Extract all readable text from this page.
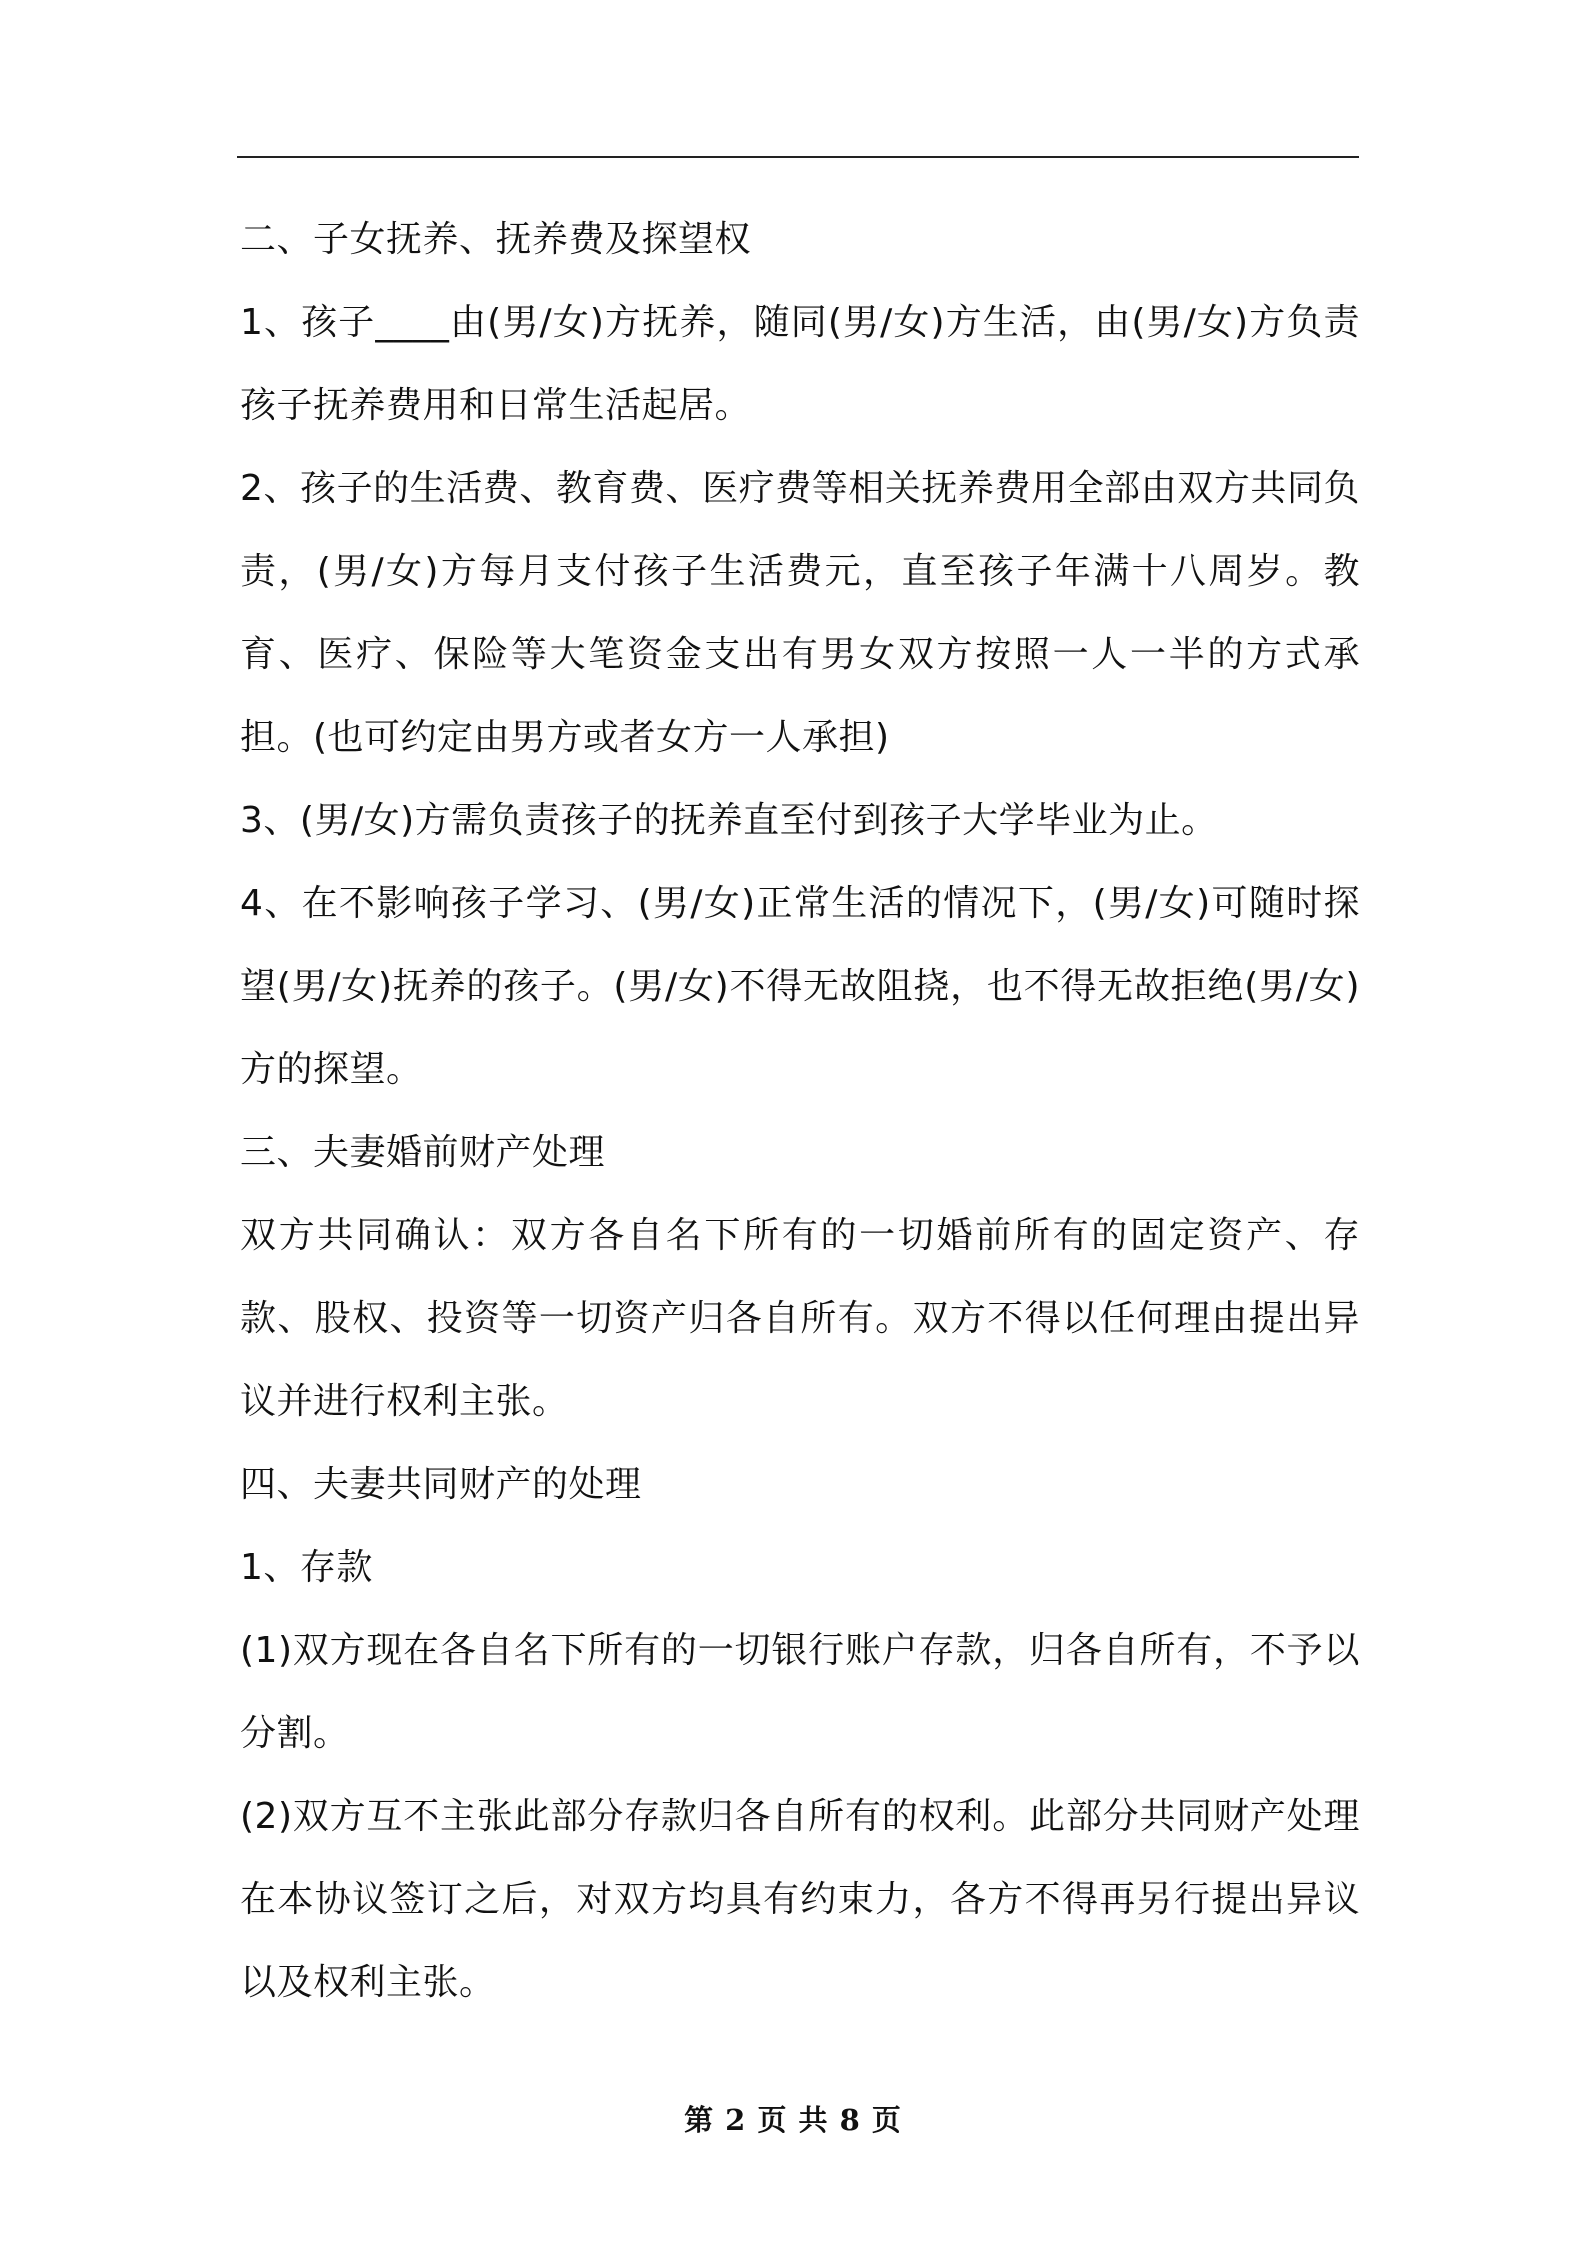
二、子女抚养、抚养费及探望权

1、孩子____由(男/女)方抚养，随同(男/女)方生活，由(男/女)方负责孩子抚养费用和日常生活起居。

2、孩子的生活费、教育费、医疗费等相关抚养费用全部由双方共同负责，(男/女)方每月支付孩子生活费元，直至孩子年满十八周岁。教育、医疗、保险等大笔资金支出有男女双方按照一人一半的方式承担。(也可约定由男方或者女方一人承担)

3、(男/女)方需负责孩子的抚养直至付到孩子大学毕业为止。

4、在不影响孩子学习、(男/女)正常生活的情况下，(男/女)可随时探望(男/女)抚养的孩子。(男/女)不得无故阻挠，也不得无故拒绝(男/女)方的探望。

三、夫妻婚前财产处理

双方共同确认：双方各自名下所有的一切婚前所有的固定资产、存款、股权、投资等一切资产归各自所有。双方不得以任何理由提出异议并进行权利主张。

四、夫妻共同财产的处理

1、存款

(1)双方现在各自名下所有的一切银行账户存款，归各自所有，不予以分割。

(2)双方互不主张此部分存款归各自所有的权利。此部分共同财产处理在本协议签订之后，对双方均具有约束力，各方不得再另行提出异议以及权利主张。

第 2 页 共 8 页
